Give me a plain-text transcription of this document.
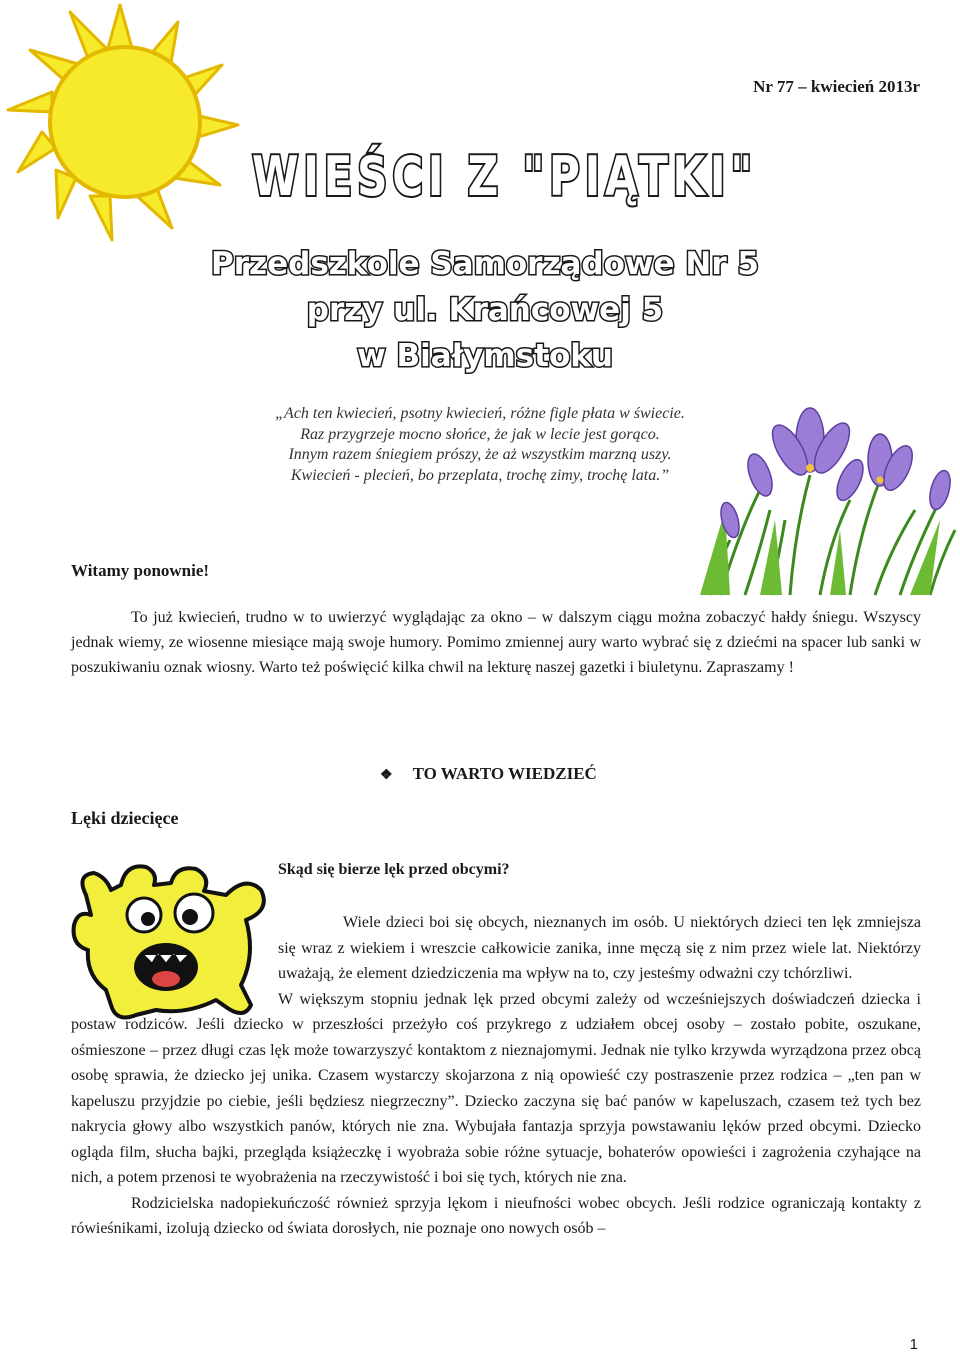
Nr 77 – kwiecień 2013r
WIEŚCI Z "PIĄTKI"
Przedszkole Samorządowe Nr 5
przy ul. Krańcowej 5
w Białymstoku
„Ach ten kwiecień, psotny kwiecień, różne figle płata w świecie.
Raz przygrzeje mocno słońce, że jak w lecie jest gorąco.
Innym razem śniegiem prószy, że aż wszystkim marzną uszy.
Kwiecień - plecień, bo przeplata, trochę zimy, trochę lata.”
Witamy ponownie!

To już kwiecień, trudno w to uwierzyć wyglądając za okno – w dalszym ciągu można zobaczyć hałdy śniegu. Wszyscy jednak wiemy, ze wiosenne miesiące mają swoje humory. Pomimo zmiennej aury warto wybrać się z dziećmi na spacer lub sanki w poszukiwaniu oznak wiosny. Warto też poświęcić kilka chwil na lekturę naszej gazetki i biuletynu. Zapraszamy !

❖ TO WARTO WIEDZIEĆ
Lęki dziecięce
Skąd się bierze lęk przed obcymi?

Wiele dzieci boi się obcych, nieznanych im osób. U niektórych dzieci ten lęk zmniejsza się wraz z wiekiem i wreszcie całkowicie zanika, inne męczą się z nim przez wiele lat. Niektórzy uważają, że element dziedziczenia ma wpływ na to, czy jesteśmy odważni czy tchórzliwi.

W większym stopniu jednak lęk przed obcymi zależy od wcześniejszych doświadczeń dziecka i postaw rodziców. Jeśli dziecko w przeszłości przeżyło coś przykrego z udziałem obcej osoby – zostało pobite, oszukane, ośmieszone – przez długi czas lęk może towarzyszyć kontaktom z nieznajomymi. Jednak nie tylko krzywda wyrządzona przez obcą osobę sprawia, że dziecko jej unika. Czasem wystarczy skojarzona z nią opowieść czy postraszenie przez rodzica – „ten pan w kapeluszu przyjdzie po ciebie, jeśli będziesz niegrzeczny”. Dziecko zaczyna się bać panów w kapeluszach, czasem też tych bez nakrycia głowy albo wszystkich panów, których nie zna. Wybujała fantazja sprzyja powstawaniu lęków przed obcymi. Dziecko ogląda film, słucha bajki, przegląda książeczkę i wyobraża sobie różne sytuacje, bohaterów opowieści i zagrożenia czyhające na nich, a potem przenosi te wyobrażenia na rzeczywistość i boi się tych, których nie zna.

Rodzicielska nadopiekuńczość również sprzyja lękom i nieufności wobec obcych. Jeśli rodzice ograniczają kontakty z rówieśnikami, izolują dziecko od świata dorosłych, nie poznaje ono nowych osób –

1
